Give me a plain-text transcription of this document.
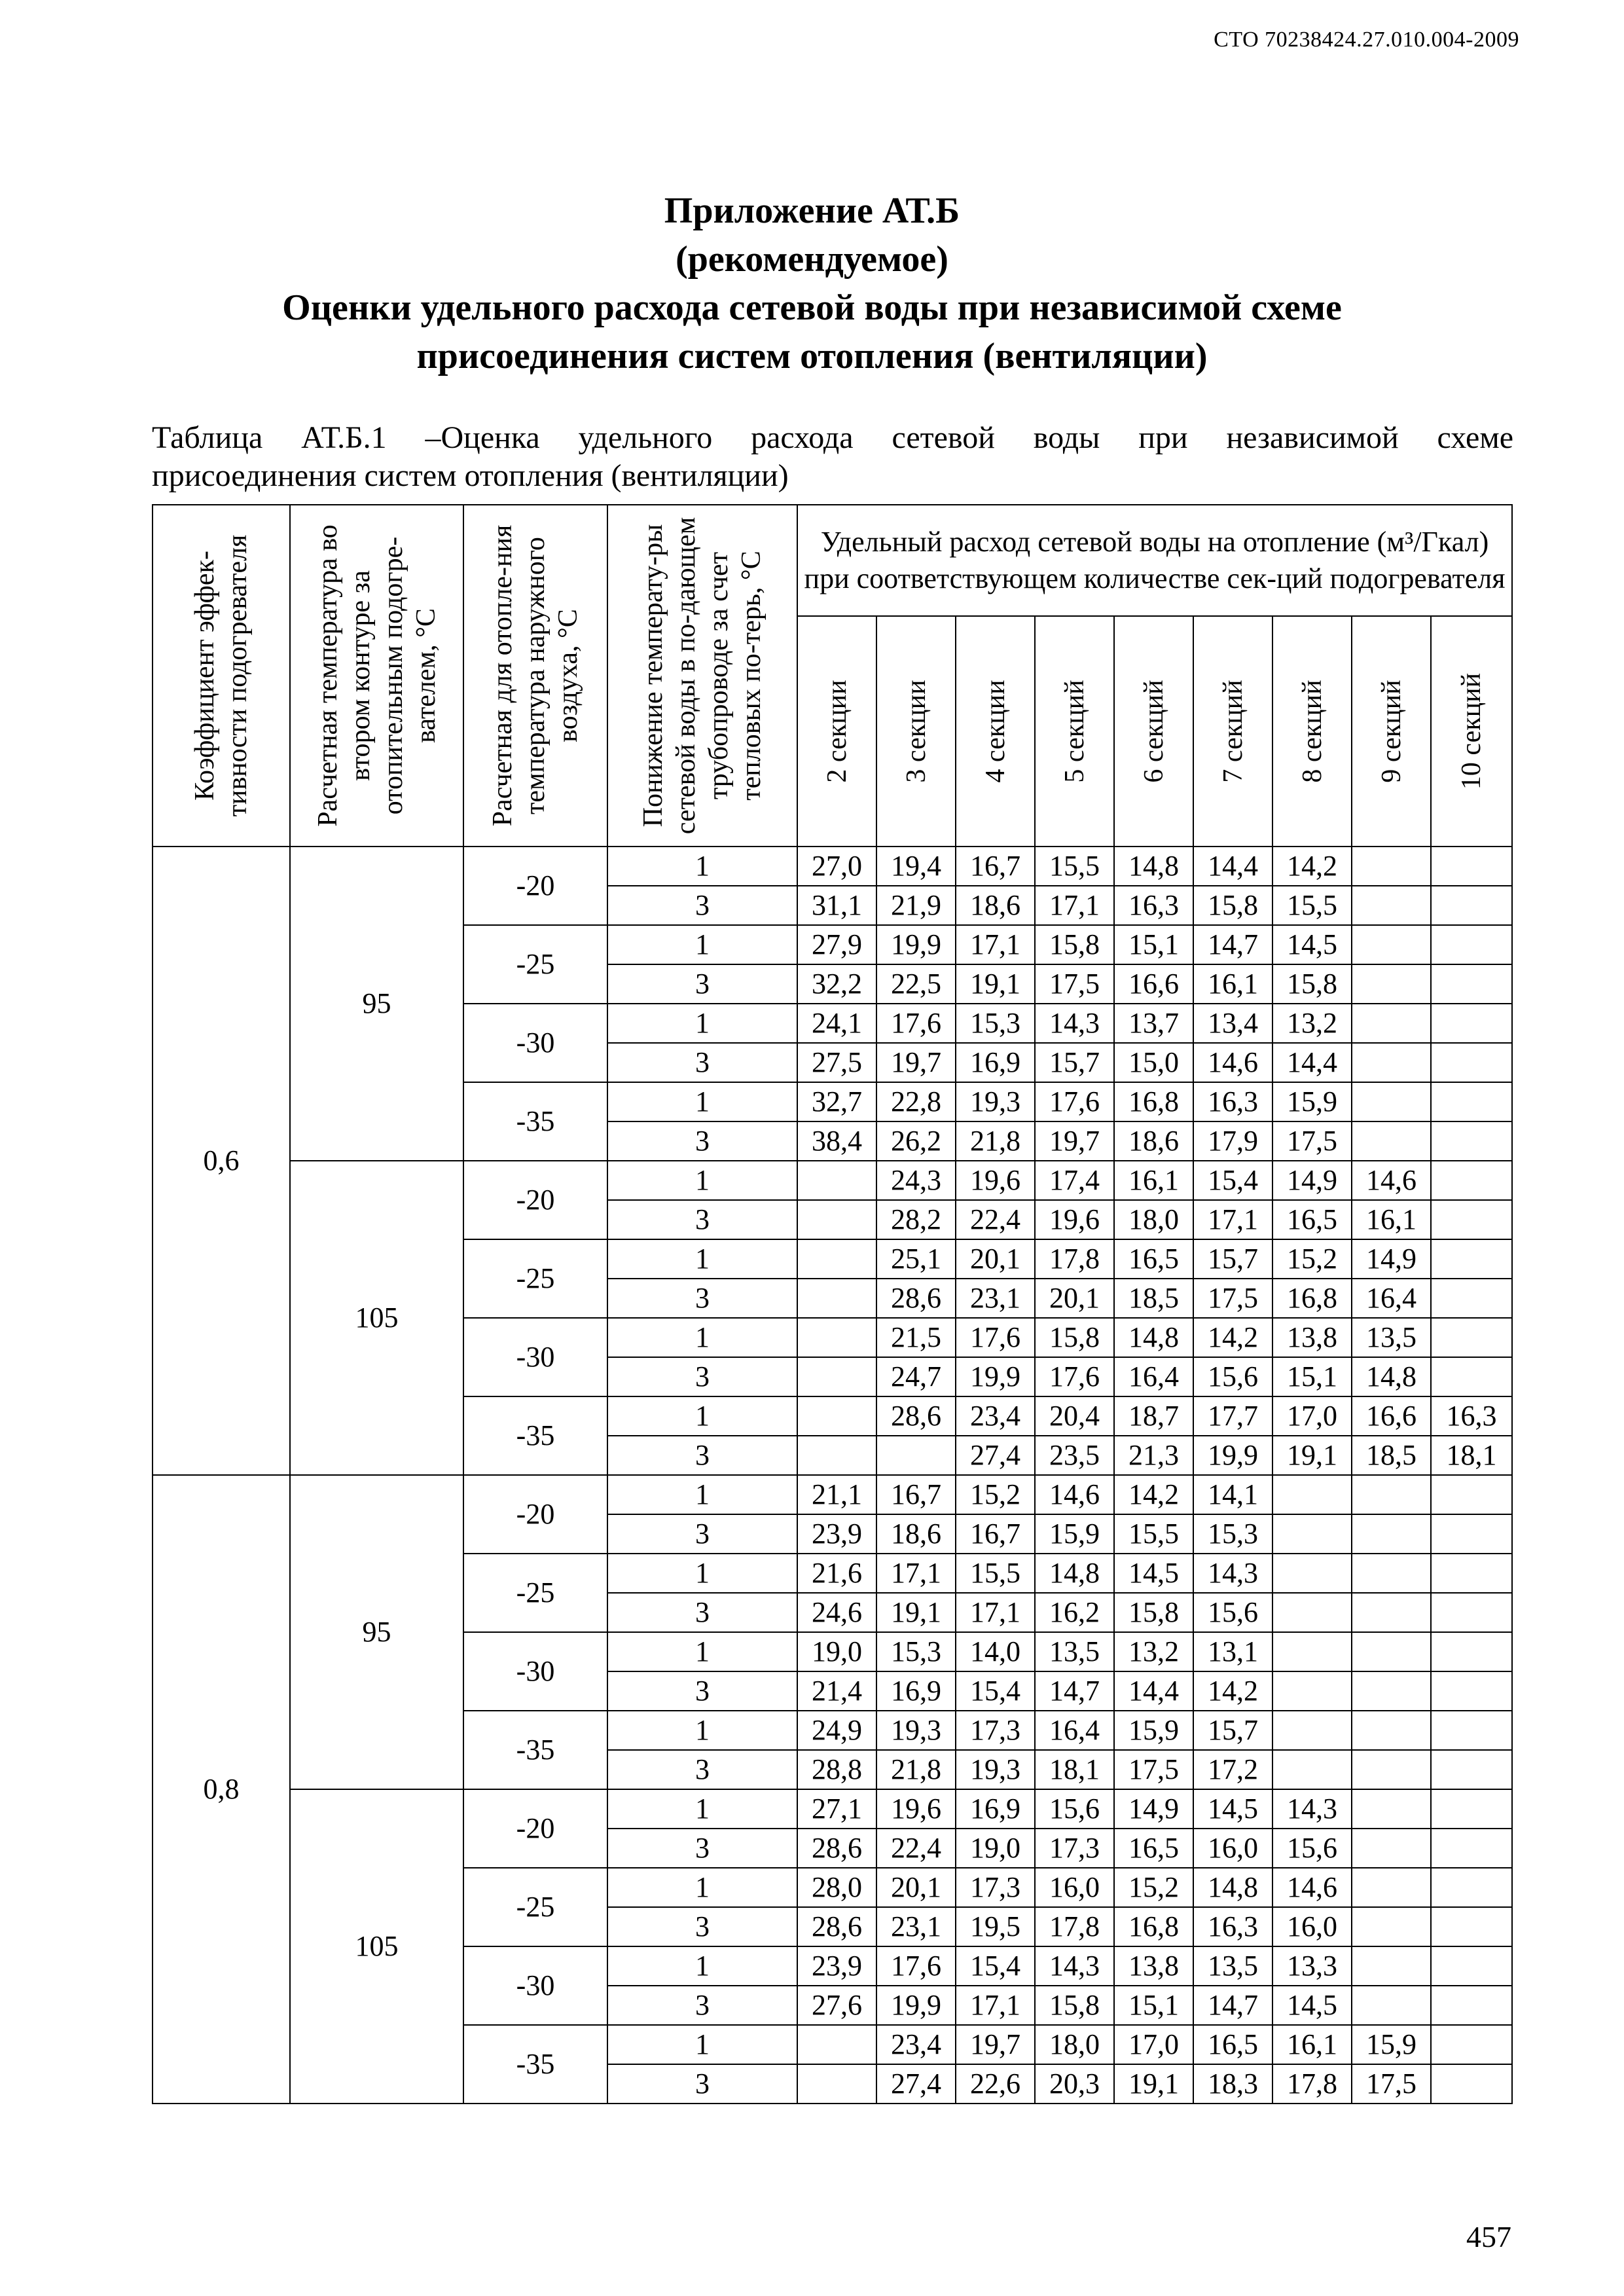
СТО 70238424.27.010.004-2009
Приложение АТ.Б
(рекомендуемое)
Оценки удельного расхода сетевой воды при независимой схеме
присоединения систем отопления (вентиляции)
Таблица АТ.Б.1 –Оценка удельного расхода сетевой воды при независимой схеме
присоединения систем отопления (вентиляции)
Коэффициент эффек-тивности подогревателя	Расчетная температура во втором контуре за отопительным подогре-вателем, °С	Расчетная для отопле-ния температура наружного воздуха, °С	Понижение температу-ры сетевой воды в по-дающем трубопроводе за счет тепловых по-терь, °С	Удельный расход сетевой воды на отопление (м³/Гкал) при соответствующем количестве сек-ций подогревателя								

				2 секции	3 секции	4 секции	5 секций	6 секций	7 секций	8 секций	9 секций	10 секций

0,6	95	-20	1	27,0	19,4	16,7	15,5	14,8	14,4	14,2		
			3	31,1	21,9	18,6	17,1	16,3	15,8	15,5		
		-25	1	27,9	19,9	17,1	15,8	15,1	14,7	14,5		
			3	32,2	22,5	19,1	17,5	16,6	16,1	15,8		
		-30	1	24,1	17,6	15,3	14,3	13,7	13,4	13,2		
			3	27,5	19,7	16,9	15,7	15,0	14,6	14,4		
		-35	1	32,7	22,8	19,3	17,6	16,8	16,3	15,9		
			3	38,4	26,2	21,8	19,7	18,6	17,9	17,5		
	105	-20	1		24,3	19,6	17,4	16,1	15,4	14,9	14,6	
			3		28,2	22,4	19,6	18,0	17,1	16,5	16,1	
		-25	1		25,1	20,1	17,8	16,5	15,7	15,2	14,9	
			3		28,6	23,1	20,1	18,5	17,5	16,8	16,4	
		-30	1		21,5	17,6	15,8	14,8	14,2	13,8	13,5	
			3		24,7	19,9	17,6	16,4	15,6	15,1	14,8	
		-35	1		28,6	23,4	20,4	18,7	17,7	17,0	16,6	16,3
			3			27,4	23,5	21,3	19,9	19,1	18,5	18,1
0,8	95	-20	1	21,1	16,7	15,2	14,6	14,2	14,1			
			3	23,9	18,6	16,7	15,9	15,5	15,3			
		-25	1	21,6	17,1	15,5	14,8	14,5	14,3			
			3	24,6	19,1	17,1	16,2	15,8	15,6			
		-30	1	19,0	15,3	14,0	13,5	13,2	13,1			
			3	21,4	16,9	15,4	14,7	14,4	14,2			
		-35	1	24,9	19,3	17,3	16,4	15,9	15,7			
			3	28,8	21,8	19,3	18,1	17,5	17,2			
	105	-20	1	27,1	19,6	16,9	15,6	14,9	14,5	14,3		
			3	28,6	22,4	19,0	17,3	16,5	16,0	15,6		
		-25	1	28,0	20,1	17,3	16,0	15,2	14,8	14,6		
			3	28,6	23,1	19,5	17,8	16,8	16,3	16,0		
		-30	1	23,9	17,6	15,4	14,3	13,8	13,5	13,3		
			3	27,6	19,9	17,1	15,8	15,1	14,7	14,5		
		-35	1		23,4	19,7	18,0	17,0	16,5	16,1	15,9	
			3		27,4	22,6	20,3	19,1	18,3	17,8	17,5	
457
